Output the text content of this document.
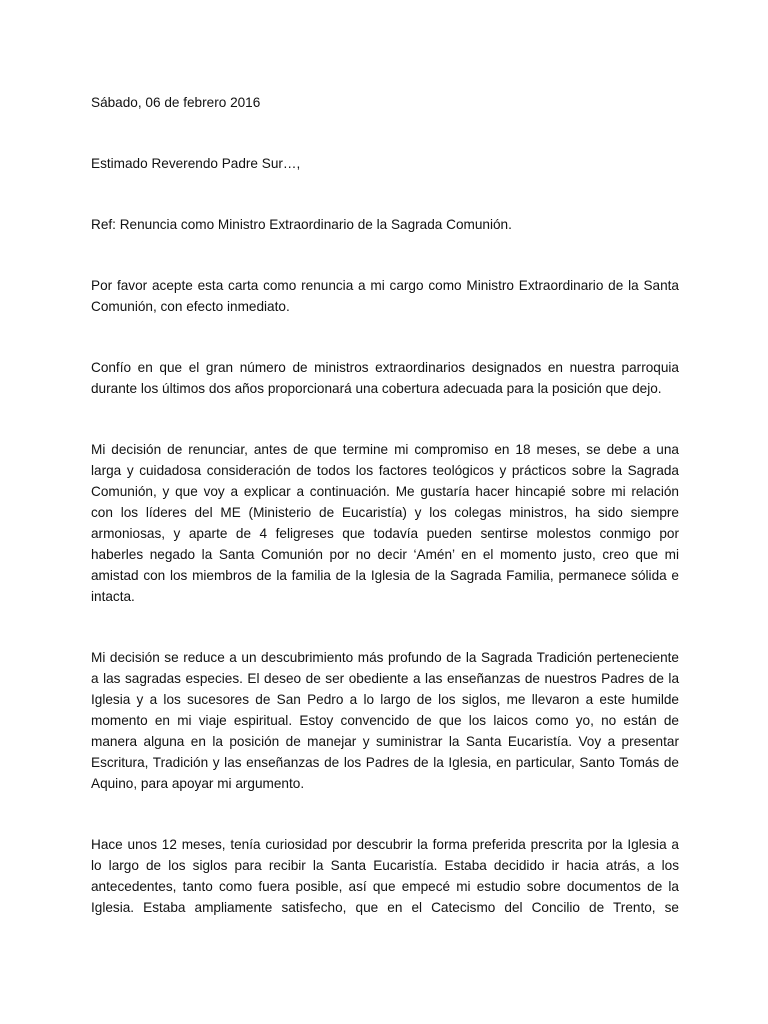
Sábado, 06 de febrero 2016

Estimado Reverendo Padre Sur…,

Ref: Renuncia como Ministro Extraordinario de la Sagrada Comunión.

Por favor acepte esta carta como renuncia a mi cargo como Ministro Extraordinario de la Santa
Comunión, con efecto inmediato.

Confío en que el gran número de ministros extraordinarios designados en nuestra parroquia
durante los últimos dos años proporcionará una cobertura adecuada para la posición que dejo.

Mi decisión de renunciar, antes de que termine mi compromiso en 18 meses, se debe a una
larga y cuidadosa consideración de todos los factores teológicos y prácticos sobre la Sagrada
Comunión, y que voy a explicar a continuación. Me gustaría hacer hincapié sobre mi relación
con los líderes del ME (Ministerio de Eucaristía) y los colegas ministros, ha sido siempre
armoniosas, y aparte de 4 feligreses que todavía pueden sentirse molestos conmigo por
haberles negado la Santa Comunión por no decir ‘Amén’ en el momento justo, creo que mi
amistad con los miembros de la familia de la Iglesia de la Sagrada Familia, permanece sólida e
intacta.

Mi decisión se reduce a un descubrimiento más profundo de la Sagrada Tradición perteneciente
a las sagradas especies. El deseo de ser obediente a las enseñanzas de nuestros Padres de la
Iglesia y a los sucesores de San Pedro a lo largo de los siglos, me llevaron a este humilde
momento en mi viaje espiritual. Estoy convencido de que los laicos como yo, no están de
manera alguna en la posición de manejar y suministrar la Santa Eucaristía. Voy a presentar
Escritura, Tradición y las enseñanzas de los Padres de la Iglesia, en particular, Santo Tomás de
Aquino, para apoyar mi argumento.

Hace unos 12 meses, tenía curiosidad por descubrir la forma preferida prescrita por la Iglesia a
lo largo de los siglos para recibir la Santa Eucaristía. Estaba decidido ir hacia atrás, a los
antecedentes, tanto como fuera posible, así que empecé mi estudio sobre documentos de la
Iglesia. Estaba ampliamente satisfecho, que en el Catecismo del Concilio de Trento, se
